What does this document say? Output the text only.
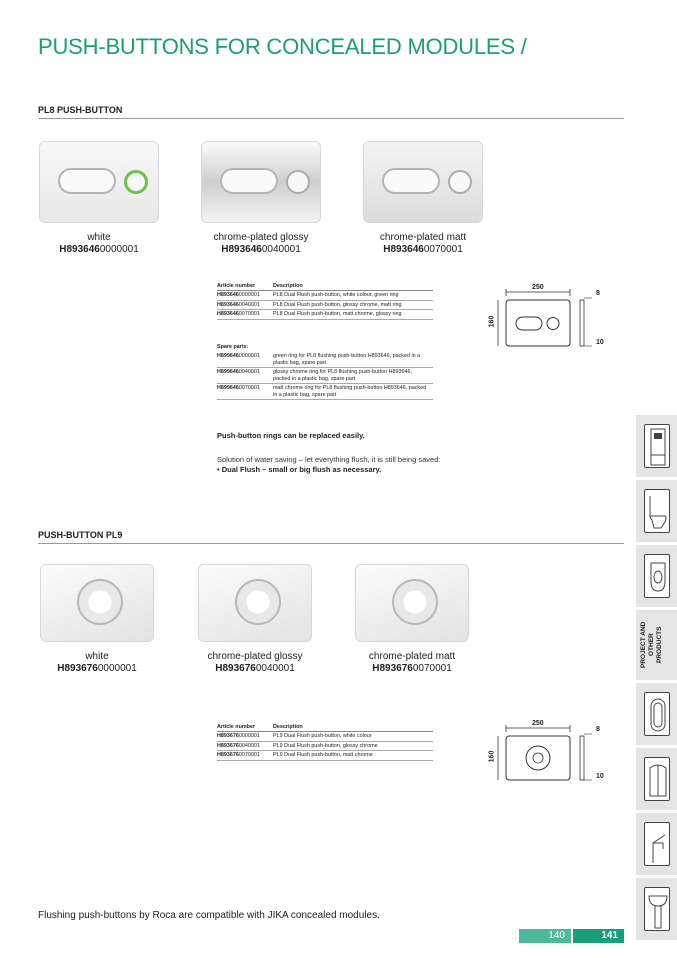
PUSH-BUTTONS FOR CONCEALED MODULES /
PL8 PUSH-BUTTON
white
H8936460000001
chrome-plated glossy
H8936460040001
chrome-plated matt
H8936460070001
Article number	Description
H8936460000001	PL8 Dual Flush push-button, white colour, green ring
H8936460040001	PL8 Dual Flush push-button, glossy chrome, matt ring
H8936460070001	PL8 Dual Flush push-button, matt chrome, glossy ring
Spare parts:
H8996460000001	green ring for PL8 flushing push-button H893646, packed in a plastic bag, spare part
H8996460040001	glossy chrome ring for PL8 flushing push-button H893646, packed in a plastic bag, spare part
H8996460070001	matt chrome ring for PL8 flushing push-button H893646, packed in a plastic bag, spare part
250
160
8
10
Push-button rings can be replaced easily.
Solution of water saving – let everything flush, it is still being saved:
• Dual Flush – small or big flush as necessary.
PUSH-BUTTON PL9
white
H8936760000001
chrome-plated glossy
H8936760040001
chrome-plated matt
H8936760070001
Article number	Description
H8936760000001	PL9 Dual Flush push-button, white colour
H8936760040001	PL9 Dual Flush push-button, glossy chrome
H8936760070001	PL9 Dual Flush push-button, matt chrome
250
160
8
10
Flushing push-buttons by Roca are compatible with JIKA concealed modules.
140	141
PROJECT AND
OTHER PRODUCTS
